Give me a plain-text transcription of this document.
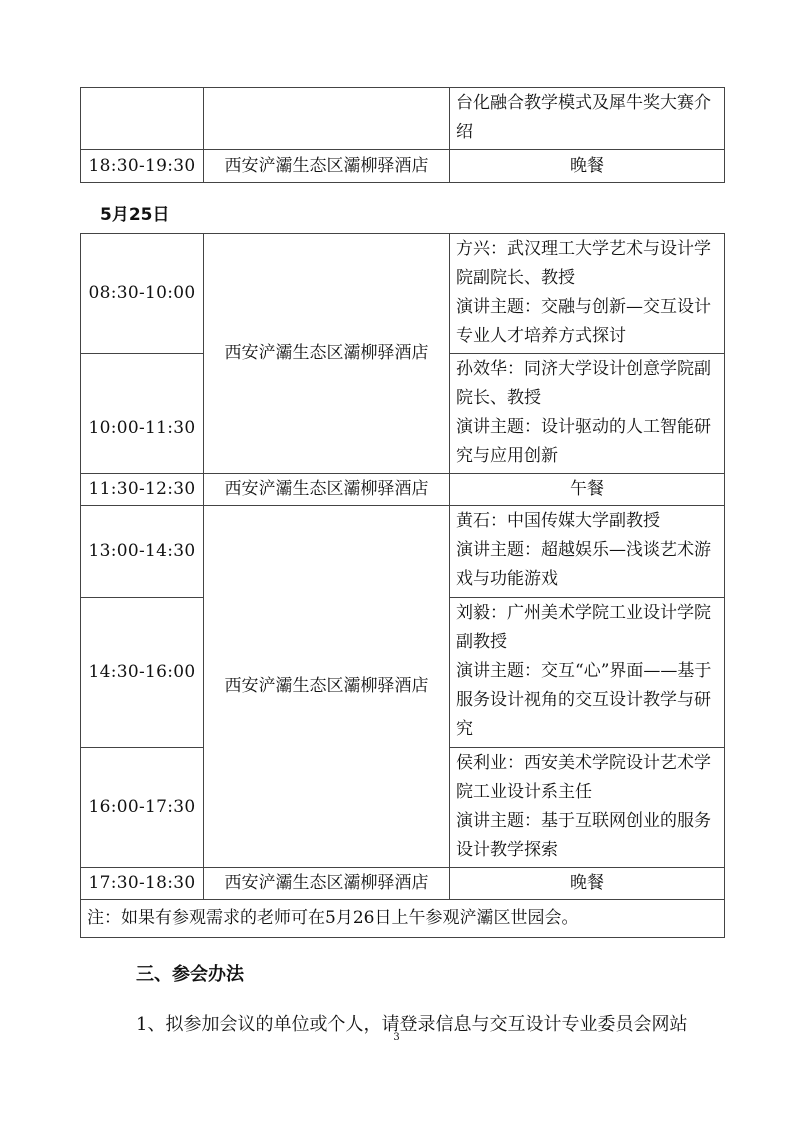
		台化融合教学模式及犀牛奖大赛介绍
18:30-19:30	西安浐灞生态区灞柳驿酒店	晚餐
5月25日
08:30-10:00	西安浐灞生态区灞柳驿酒店	方兴：武汉理工大学艺术与设计学院副院长、教授
演讲主题：交融与创新—交互设计专业人才培养方式探讨

10:00-11:30		孙效华：同济大学设计创意学院副院长、教授
演讲主题：设计驱动的人工智能研究与应用创新

11:30-12:30	西安浐灞生态区灞柳驿酒店	午餐
13:00-14:30	西安浐灞生态区灞柳驿酒店	黄石：中国传媒大学副教授
演讲主题：超越娱乐—浅谈艺术游戏与功能游戏

14:30-16:00		刘毅：广州美术学院工业设计学院副教授
演讲主题：交互“心”界面——基于服务设计视角的交互设计教学与研究

16:00-17:30		侯利业：西安美术学院设计艺术学院工业设计系主任
演讲主题：基于互联网创业的服务设计教学探索

17:30-18:30	西安浐灞生态区灞柳驿酒店	晚餐
注：如果有参观需求的老师可在5月26日上午参观浐灞区世园会。		
三、参会办法
1、拟参加会议的单位或个人，请登录信息与交互设计专业委员会网站
3
